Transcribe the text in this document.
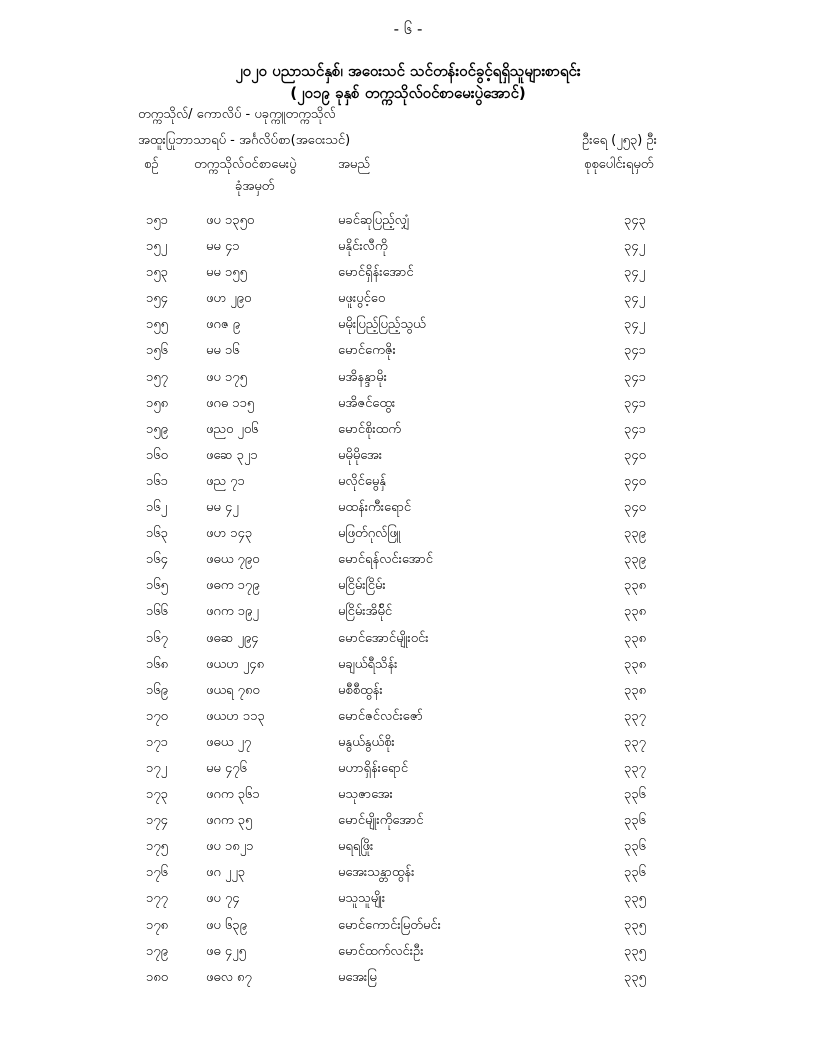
- ၆ -
၂၀၂၀ ပညာသင်နှစ်၊ အဝေးသင် သင်တန်းဝင်ခွင့်ရရှိသူများစာရင်း
(၂၀၁၉ ခုနှစ် တက္ကသိုလ်ဝင်စာမေးပွဲအောင်)
တက္ကသိုလ်/ ကောလိပ် - ပခုက္ကူတက္ကသိုလ်
အထူးပြုဘာသာရပ် - အင်္ဂလိပ်စာ(အဝေးသင်)	ဦးရေ (၂၅၃) ဦး
စဉ်	တက္ကသိုလ်ဝင်စာမေးပွဲ
ခုံအမှတ်
အမည်	စုစုပေါင်းရမှတ်
၁၅၁	ဖပ ၁၃၅၀	မခင်ဆုပြည့်လျှံ	၃၄၃
၁၅၂	မမ ၄၁	မနိုင်းလီကို	၃၄၂
၁၅၃	မမ ၁၅၅	မောင်ရှိန်းအောင်	၃၄၂
၁၅၄	ဖဟ ၂၉၀	မဖူးပွင့်ဝေ	၃၄၂
၁၅၅	ဖဂဇ ၉	မမိုးပြည့်ပြည့်သွယ်	၃၄၂
၁၅၆	မမ ၁၆	မောင်ကေဇိုး	၃၄၁
၁၅၇	ဖပ ၁၇၅	မအိနန္ဒာမိုး	၃၄၁
၁၅၈	ဖဂဓ ၁၁၅	မအိဇင်ထွေး	၃၄၁
၁၅၉	ဖညဝ ၂၀၆	မောင်စိုးထက်	၃၄၁
၁၆၀	ဖဆေ ၃၂၁	မမိုမိုအေး	၃၄၀
၁၆၁	ဖည ၇၁	မလိုင်မွေနှ်	၃၄၀
၁၆၂	မမ ၄၂	မထန်းကီးရောင်	၃၄၀
၁၆၃	ဖဟ ၁၄၃	မဖြတ်ဂုလ်ဖြူ	၃၃၉
၁၆၄	ဖဓယ ၇၉၀	မောင်ရန်လင်းအောင်	၃၃၉
၁၆၅	ဖဓက ၁၇၉	မငြိမ်းငြိမ်း	၃၃၈
၁၆၆	ဖဂက ၁၉၂	မငြိမ်းအိမ်ိုင်	၃၃၈
၁၆၇	ဖဓဆ ၂၉၄	မောင်အောင်မျိုးဝင်း	၃၃၈
၁၆၈	ဖယဟ ၂၄၈	မချယ်ရီသိန်း	၃၃၈
၁၆၉	ဖယရ ၇၈၀	မစီစီထွန်း	၃၃၈
၁၇၀	ဖယဟ ၁၁၃	မောင်ဇင်လင်းဇော်	၃၃၇
၁၇၁	ဖဓယ ၂၇	မနွယ်နွယ်စိုး	၃၃၇
၁၇၂	မမ ၄၇၆	မဟာရှိန်းရောင်	၃၃၇
၁၇၃	ဖဂက ၃၆၁	မသုဇာအေး	၃၃၆
၁၇၄	ဖဂက ၃၅	မောင်မျိုးကိုအောင်	၃၃၆
၁၇၅	ဖပ ၁၈၂၁	မရရဖြိုး	၃၃၆
၁၇၆	ဖဂ ၂၂၃	မအေးသန္တာထွန်း	၃၃၆
၁၇၇	ဖပ ၇၄	မသူသူမျိုး	၃၃၅
၁၇၈	ဖပ ၆၃၉	မောင်ကောင်းမြတ်မင်း	၃၃၅
၁၇၉	ဖဓ ၄၂၅	မောင်ထက်လင်းဦး	၃၃၅
၁၈၀	ဖဓလ ၈၇	မအေးမြ	၃၃၅
